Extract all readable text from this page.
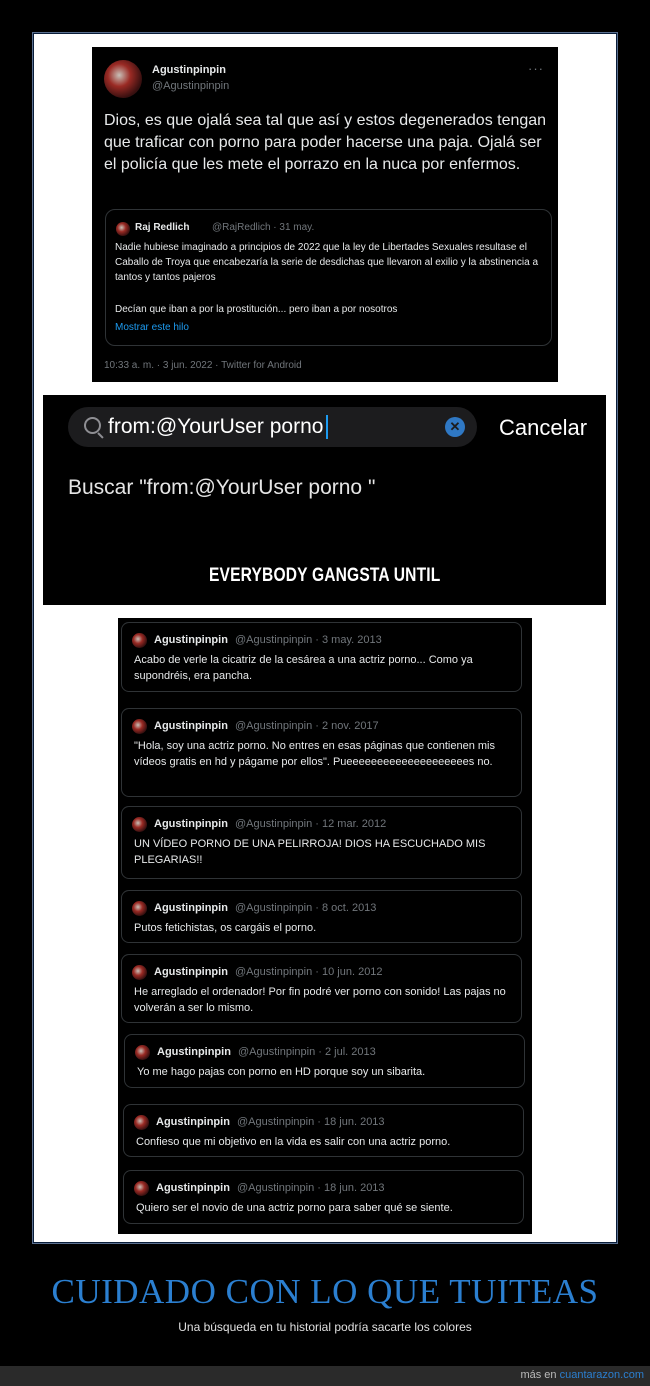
Agustinpinpin
@Agustinpinpin
···
Dios, es que ojalá sea tal que así y estos degenerados tengan que traficar con porno para poder hacerse una paja. Ojalá ser el policía que les mete el porrazo en la nuca por enfermos.
Raj Redlich @RajRedlich · 31 may.
Nadie hubiese imaginado a principios de 2022 que la ley de Libertades Sexuales resultase el Caballo de Troya que encabezaría la serie de desdichas que llevaron al exilio y la abstinencia a tantos y tantos pajeros
Decían que iban a por la prostitución... pero iban a por nosotros
Mostrar este hilo
10:33 a. m. · 3 jun. 2022 · Twitter for Android
from:@YourUser porno	✕ Cancelar
Buscar "from:@YourUser porno "
EVERYBODY GANGSTA UNTIL
Agustinpinpin @Agustinpinpin · 3 may. 2013
Acabo de verle la cicatriz de la cesárea a una actriz porno... Como ya supondréis, era pancha.
Agustinpinpin @Agustinpinpin · 2 nov. 2017
"Hola, soy una actriz porno. No entres en esas páginas que contienen mis vídeos gratis en hd y págame por ellos". Pueeeeeeeeeeeeeeeeeeees no.
Agustinpinpin @Agustinpinpin · 12 mar. 2012
UN VÍDEO PORNO DE UNA PELIRROJA! DIOS HA ESCUCHADO MIS PLEGARIAS!!
Agustinpinpin @Agustinpinpin · 8 oct. 2013
Putos fetichistas, os cargáis el porno.
Agustinpinpin @Agustinpinpin · 10 jun. 2012
He arreglado el ordenador! Por fin podré ver porno con sonido! Las pajas no volverán a ser lo mismo.
Agustinpinpin @Agustinpinpin · 2 jul. 2013
Yo me hago pajas con porno en HD porque soy un sibarita.
Agustinpinpin @Agustinpinpin · 18 jun. 2013
Confieso que mi objetivo en la vida es salir con una actriz porno.
Agustinpinpin @Agustinpinpin · 18 jun. 2013
Quiero ser el novio de una actriz porno para saber qué se siente.
CUIDADO CON LO QUE TUITEAS
Una búsqueda en tu historial podría sacarte los colores
más en cuantarazon.com
